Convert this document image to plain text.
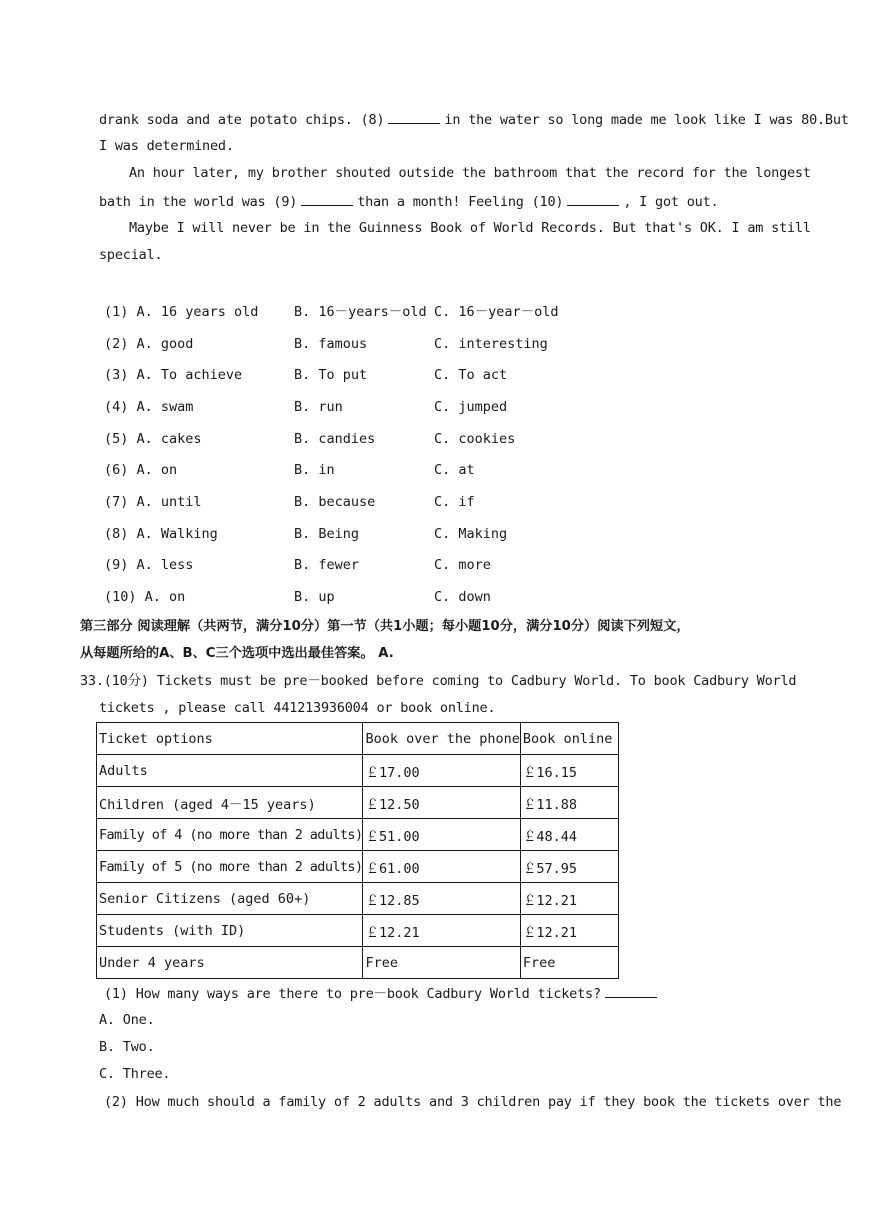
drank soda and ate potato chips. (8)	in the water so long made me look like I was 80.But
I was determined.
An hour later, my brother shouted outside the bathroom that the record for the longest
bath in the world was (9)	than a month! Feeling (10)	, I got out.
Maybe I will never be in the Guinness Book of World Records. But that's OK. I am still
special.
(1) A. 16 years old	B. 16－years－old C. 16－year－old
(2) A. good	B. famous	C. interesting
(3) A. To achieve	B. To put	C. To act
(4) A. swam	B. run	C. jumped
(5) A. cakes	B. candies	C. cookies
(6) A. on	B. in	C. at
(7) A. until	B. because	C. if
(8) A. Walking	B. Being	C. Making
(9) A. less	B. fewer	C. more
(10) A. on	B. up	C. down
第三部分 阅读理解（共两节，满分10分）第一节（共1小题；每小题10分，满分10分）阅读下列短文，
从每题所给的A、B、C三个选项中选出最佳答案。 A.
33.(10分) Tickets must be pre－booked before coming to Cadbury World. To book Cadbury World
tickets , please call 441213936004 or book online.
Ticket options	Book over the phone	Book online
Adults	￡17.00	￡16.15
Children (aged 4－15 years)	￡12.50	￡11.88
Family of 4 (no more than 2 adults)	￡51.00	￡48.44
Family of 5 (no more than 2 adults)	￡61.00	￡57.95
Senior Citizens (aged 60+)	￡12.85	￡12.21
Students (with ID)	￡12.21	￡12.21
Under 4 years	Free	Free
(1) How many ways are there to pre－book Cadbury World tickets?
A. One.
B. Two.
C. Three.
(2) How much should a family of 2 adults and 3 children pay if they book the tickets over the
